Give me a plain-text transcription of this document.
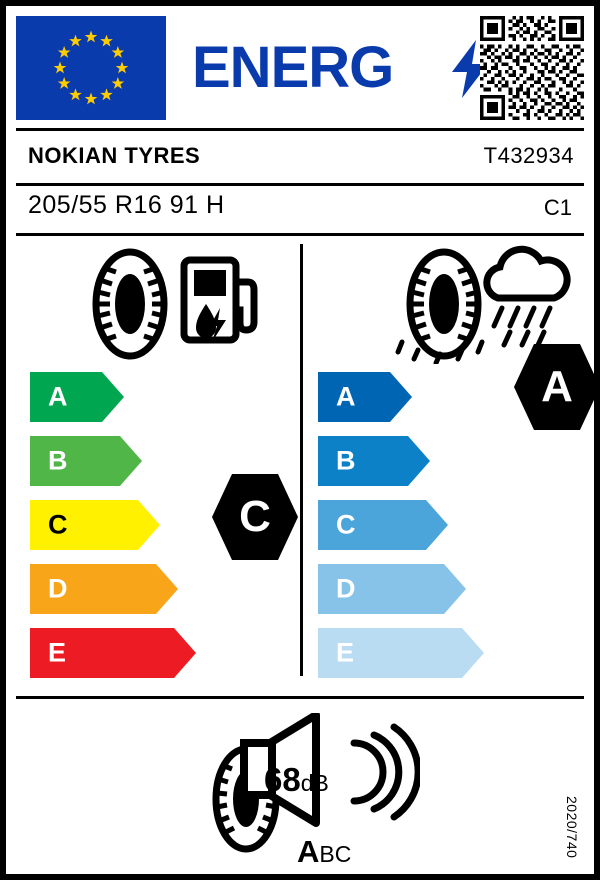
ENERG
NOKIAN TYRES	T432934
205/55 R16 91 H	C1
A
B
C
D
E
A
B
C
D
E
C
A
68dB
ABC	2020/740
